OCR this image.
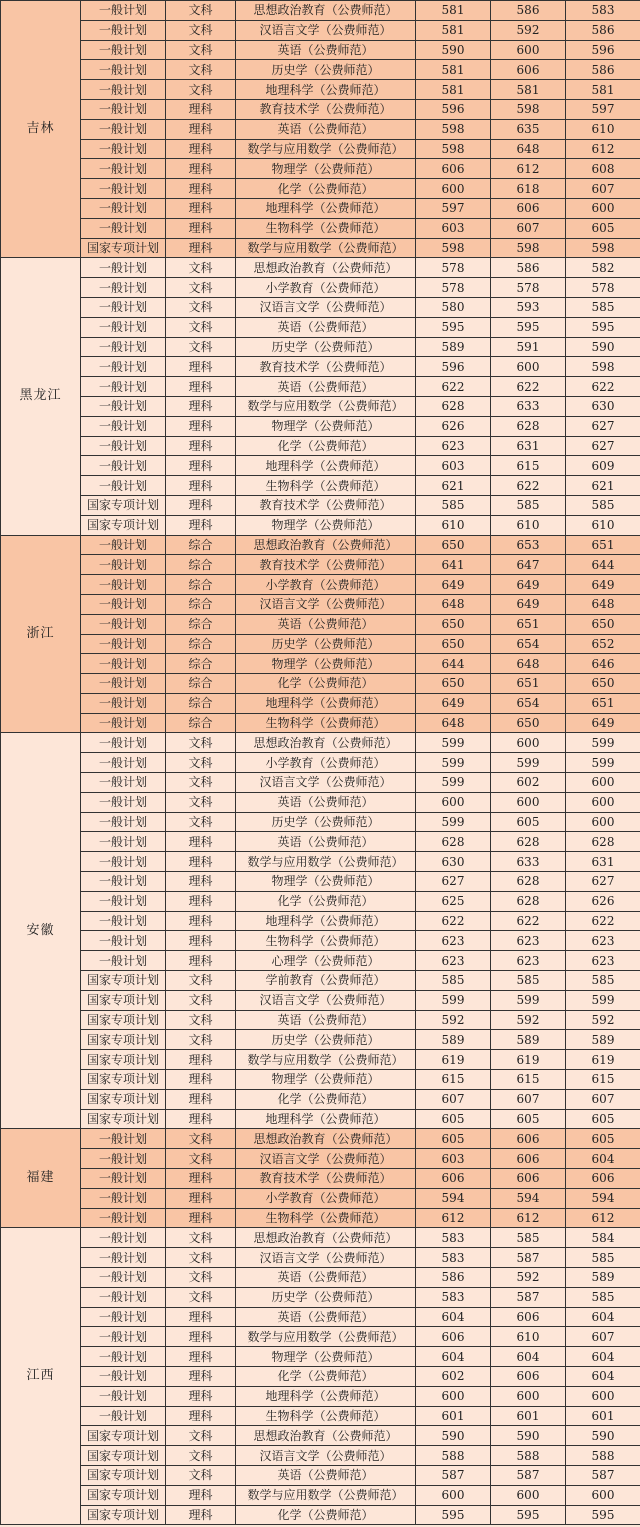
吉林	一般计划	文科	思想政治教育（公费师范）	581	586	583
	一般计划	文科	汉语言文学（公费师范）	581	592	586
	一般计划	文科	英语（公费师范）	590	600	596
	一般计划	文科	历史学（公费师范）	581	606	586
	一般计划	文科	地理科学（公费师范）	581	581	581
	一般计划	理科	教育技术学（公费师范）	596	598	597
	一般计划	理科	英语（公费师范）	598	635	610
	一般计划	理科	数学与应用数学（公费师范）	598	648	612
	一般计划	理科	物理学（公费师范）	606	612	608
	一般计划	理科	化学（公费师范）	600	618	607
	一般计划	理科	地理科学（公费师范）	597	606	600
	一般计划	理科	生物科学（公费师范）	603	607	605
	国家专项计划	理科	数学与应用数学（公费师范）	598	598	598
黑龙江	一般计划	文科	思想政治教育（公费师范）	578	586	582
	一般计划	文科	小学教育（公费师范）	578	578	578
	一般计划	文科	汉语言文学（公费师范）	580	593	585
	一般计划	文科	英语（公费师范）	595	595	595
	一般计划	文科	历史学（公费师范）	589	591	590
	一般计划	理科	教育技术学（公费师范）	596	600	598
	一般计划	理科	英语（公费师范）	622	622	622
	一般计划	理科	数学与应用数学（公费师范）	628	633	630
	一般计划	理科	物理学（公费师范）	626	628	627
	一般计划	理科	化学（公费师范）	623	631	627
	一般计划	理科	地理科学（公费师范）	603	615	609
	一般计划	理科	生物科学（公费师范）	621	622	621
	国家专项计划	理科	教育技术学（公费师范）	585	585	585
	国家专项计划	理科	物理学（公费师范）	610	610	610
浙江	一般计划	综合	思想政治教育（公费师范）	650	653	651
	一般计划	综合	教育技术学（公费师范）	641	647	644
	一般计划	综合	小学教育（公费师范）	649	649	649
	一般计划	综合	汉语言文学（公费师范）	648	649	648
	一般计划	综合	英语（公费师范）	650	651	650
	一般计划	综合	历史学（公费师范）	650	654	652
	一般计划	综合	物理学（公费师范）	644	648	646
	一般计划	综合	化学（公费师范）	650	651	650
	一般计划	综合	地理科学（公费师范）	649	654	651
	一般计划	综合	生物科学（公费师范）	648	650	649
安徽	一般计划	文科	思想政治教育（公费师范）	599	600	599
	一般计划	文科	小学教育（公费师范）	599	599	599
	一般计划	文科	汉语言文学（公费师范）	599	602	600
	一般计划	文科	英语（公费师范）	600	600	600
	一般计划	文科	历史学（公费师范）	599	605	600
	一般计划	理科	英语（公费师范）	628	628	628
	一般计划	理科	数学与应用数学（公费师范）	630	633	631
	一般计划	理科	物理学（公费师范）	627	628	627
	一般计划	理科	化学（公费师范）	625	628	626
	一般计划	理科	地理科学（公费师范）	622	622	622
	一般计划	理科	生物科学（公费师范）	623	623	623
	一般计划	理科	心理学（公费师范）	623	623	623
	国家专项计划	文科	学前教育（公费师范）	585	585	585
	国家专项计划	文科	汉语言文学（公费师范）	599	599	599
	国家专项计划	文科	英语（公费师范）	592	592	592
	国家专项计划	文科	历史学（公费师范）	589	589	589
	国家专项计划	理科	数学与应用数学（公费师范）	619	619	619
	国家专项计划	理科	物理学（公费师范）	615	615	615
	国家专项计划	理科	化学（公费师范）	607	607	607
	国家专项计划	理科	地理科学（公费师范）	605	605	605
福建	一般计划	文科	思想政治教育（公费师范）	605	606	605
	一般计划	文科	汉语言文学（公费师范）	603	606	604
	一般计划	理科	教育技术学（公费师范）	606	606	606
	一般计划	理科	小学教育（公费师范）	594	594	594
	一般计划	理科	生物科学（公费师范）	612	612	612
江西	一般计划	文科	思想政治教育（公费师范）	583	585	584
	一般计划	文科	汉语言文学（公费师范）	583	587	585
	一般计划	文科	英语（公费师范）	586	592	589
	一般计划	文科	历史学（公费师范）	583	587	585
	一般计划	理科	英语（公费师范）	604	606	604
	一般计划	理科	数学与应用数学（公费师范）	606	610	607
	一般计划	理科	物理学（公费师范）	604	604	604
	一般计划	理科	化学（公费师范）	602	606	604
	一般计划	理科	地理科学（公费师范）	600	600	600
	一般计划	理科	生物科学（公费师范）	601	601	601
	国家专项计划	文科	思想政治教育（公费师范）	590	590	590
	国家专项计划	文科	汉语言文学（公费师范）	588	588	588
	国家专项计划	文科	英语（公费师范）	587	587	587
	国家专项计划	理科	数学与应用数学（公费师范）	600	600	600
	国家专项计划	理科	化学（公费师范）	595	595	595
